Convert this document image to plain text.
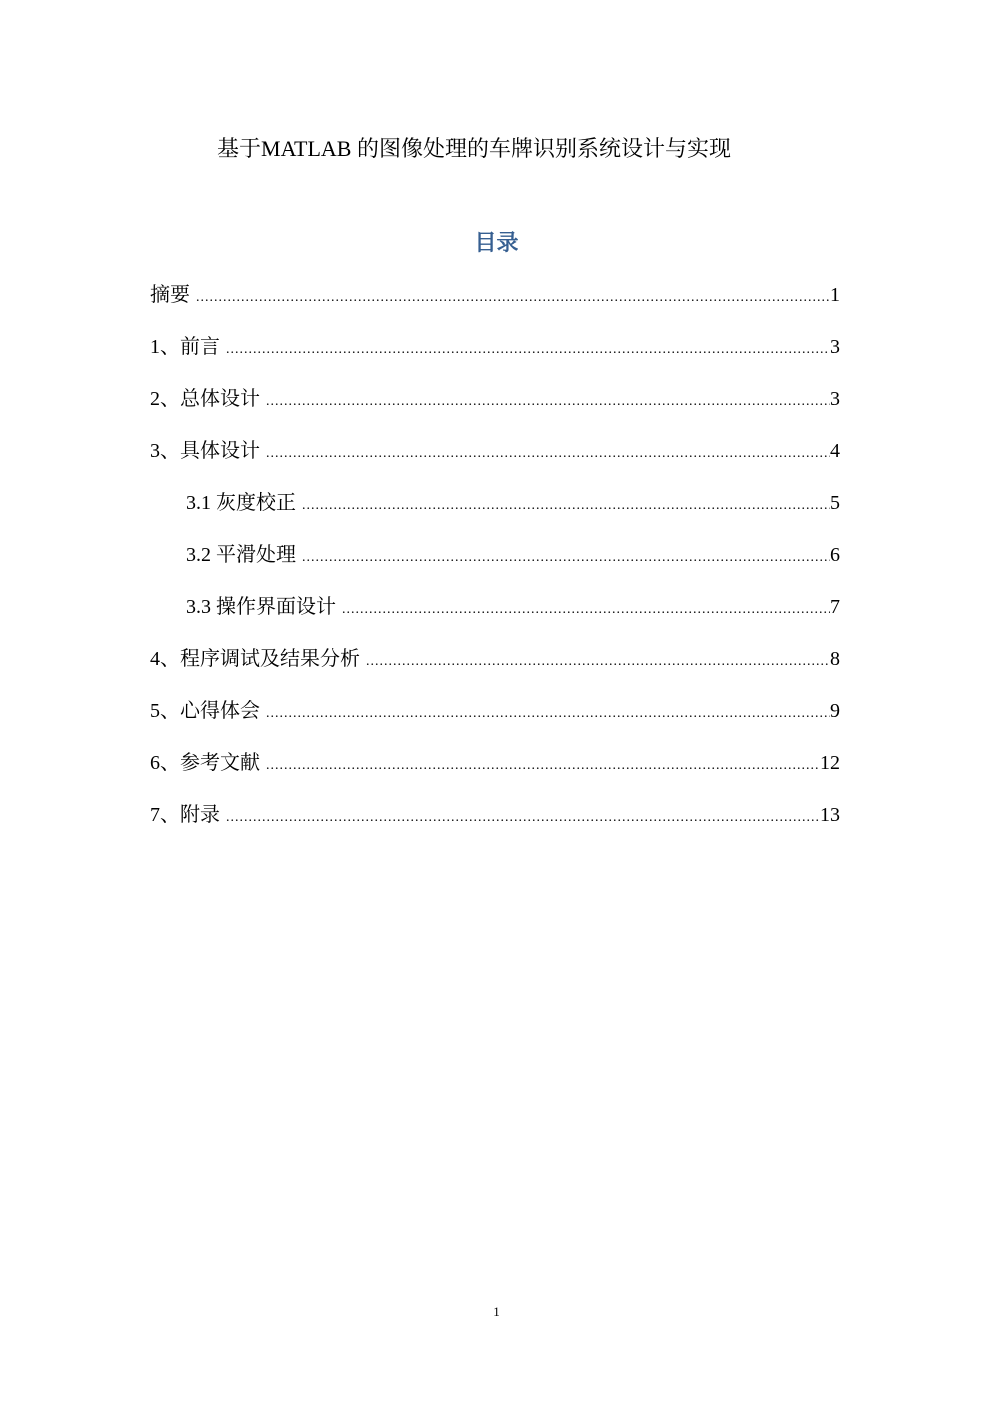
基于MATLAB 的图像处理的车牌识别系统设计与实现
目录
摘要 .....	1
1、前言 .....	3
2、总体设计 .....	3
3、具体设计 .....	4
3.1 灰度校正 .....	5
3.2 平滑处理 .....	6
3.3 操作界面设计 .....	7
4、程序调试及结果分析 .....	8
5、心得体会 .....	9
6、参考文献 .....	12
7、附录 .....	13
1
